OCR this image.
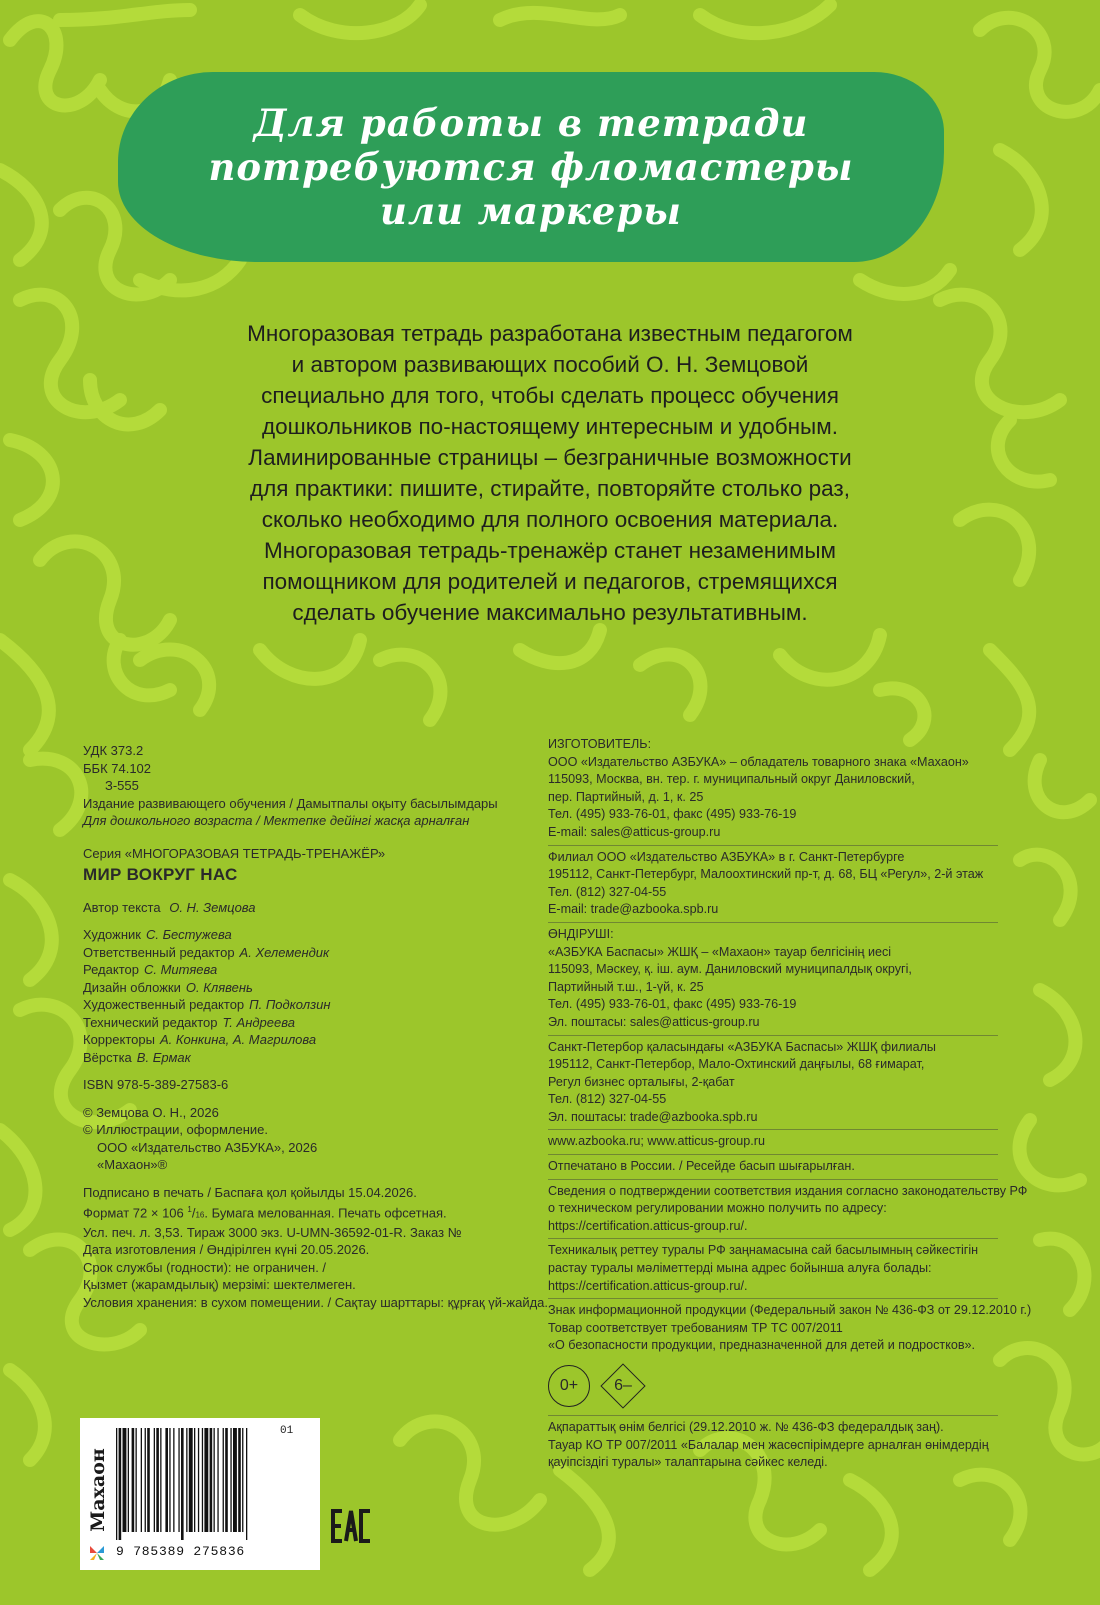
Для работы в тетради
потребуются фломастеры
или маркеры
Многоразовая тетрадь разработана известным педагогом
и автором развивающих пособий О. Н. Земцовой
специально для того, чтобы сделать процесс обучения
дошкольников по-настоящему интересным и удобным.
Ламинированные страницы – безграничные возможности
для практики: пишите, стирайте, повторяйте столько раз,
сколько необходимо для полного освоения материала.
Многоразовая тетрадь-тренажёр станет незаменимым
помощником для родителей и педагогов, стремящихся
сделать обучение максимально результативным.
УДК 373.2
ББК 74.102
З-555
Издание развивающего обучения / Дамытпалы оқыту басылымдары
Для дошкольного возраста / Мектепке дейінгі жасқа арналған
Серия «МНОГОРАЗОВАЯ ТЕТРАДЬ-ТРЕНАЖЁР»
МИР ВОКРУГ НАС
Автор текста О. Н. Земцова
Художник С. Бестужева
Ответственный редактор А. Хелемендик
Редактор С. Митяева
Дизайн обложки О. Клявень
Художественный редактор П. Подколзин
Технический редактор Т. Андреева
Корректоры А. Конкина, А. Магрилова
Вёрстка В. Ермак
ISBN 978-5-389-27583-6
© Земцова О. Н., 2026
© Иллюстрации, оформление.
ООО «Издательство АЗБУКА», 2026
«Махаон»®
Подписано в печать / Баспаға қол қойылды 15.04.2026.
Формат 72 × 106 $^1$/16. Бумага мелованная. Печать офсетная.
Усл. печ. л. 3,53. Тираж 3000 экз. U-UMN-36592-01-R. Заказ №
Дата изготовления / Өндірілген күні 20.05.2026.
Срок службы (годности): не ограничен. /
Қызмет (жарамдылық) мерзімі: шектелмеген.
Условия хранения: в сухом помещении. / Сақтау шарттары: құрғақ үй-жайда.
ИЗГОТОВИТЕЛЬ:
ООО «Издательство АЗБУКА» – обладатель товарного знака «Махаон»
115093, Москва, вн. тер. г. муниципальный округ Даниловский,
пер. Партийный, д. 1, к. 25
Тел. (495) 933-76-01, факс (495) 933-76-19
E-mail: sales@atticus-group.ru
Филиал ООО «Издательство АЗБУКА» в г. Санкт-Петербурге
195112, Санкт-Петербург, Малоохтинский пр-т, д. 68, БЦ «Регул», 2-й этаж
Тел. (812) 327-04-55
E-mail: trade@azbooka.spb.ru
ӨНДІРУШІ:
«АЗБУКА Баспасы» ЖШҚ – «Махаон» тауар белгісінің иесі
115093, Мәскеу, қ. іш. аум. Даниловский муниципалдық округі,
Партийный т.ш., 1-үй, к. 25
Тел. (495) 933-76-01, факс (495) 933-76-19
Эл. поштасы: sales@atticus-group.ru
Санкт-Петербор қаласындағы «АЗБУКА Баспасы» ЖШҚ филиалы
195112, Санкт-Петербор, Мало-Охтинский даңғылы, 68 ғимарат,
Регул бизнес орталығы, 2-қабат
Тел. (812) 327-04-55
Эл. поштасы: trade@azbooka.spb.ru
www.azbooka.ru; www.atticus-group.ru
Отпечатано в России. / Ресейде басып шығарылған.
Сведения о подтверждении соответствия издания согласно законодательству РФ
о техническом регулировании можно получить по адресу:
https://certification.atticus-group.ru/.
Техникалық реттеу туралы РФ заңнамасына сай басылымның сәйкестігін
растау туралы мәліметтерді мына адрес бойынша алуға болады:
https://certification.atticus-group.ru/.
Знак информационной продукции (Федеральный закон № 436-ФЗ от 29.12.2010 г.)
Товар соответствует требованиям ТР ТС 007/2011
«О безопасности продукции, предназначенной для детей и подростков».
0+	6–
Ақпараттық өнім белгісі (29.12.2010 ж. № 436-ФЗ федералдық заң).
Тауар КО ТР 007/2011 «Балалар мен жасөспірімдерге арналған өнімдердің
қауіпсіздігі туралы» талаптарына сәйкес келеді.
Махаон
01
9 785389 275836
